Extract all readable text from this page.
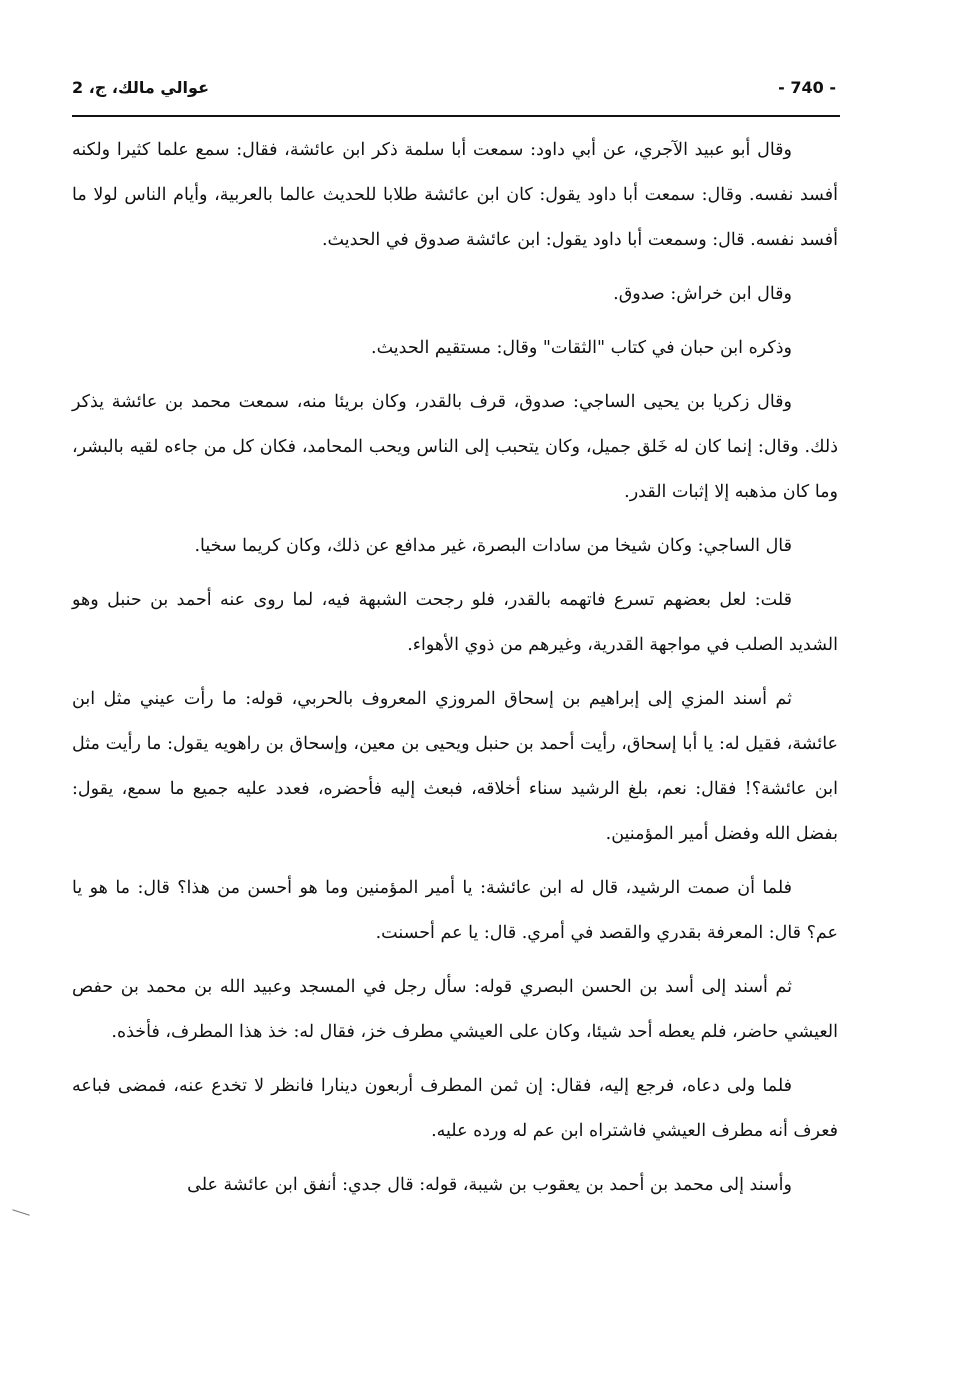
عوالي مالك، ج، 2	- 740 -

وقال أبو عبيد الآجري، عن أبي داود: سمعت أبا سلمة ذكر ابن عائشة، فقال: سمع علما كثيرا ولكنه أفسد نفسه. وقال: سمعت أبا داود يقول: كان ابن عائشة طلابا للحديث عالما بالعربية، وأيام الناس لولا ما أفسد نفسه. قال: وسمعت أبا داود يقول: ابن عائشة صدوق في الحديث.

وقال ابن خراش: صدوق.

وذكره ابن حبان في كتاب "الثقات" وقال: مستقيم الحديث.

وقال زكريا بن يحيى الساجي: صدوق، قرف بالقدر، وكان بريئا منه، سمعت محمد بن عائشة يذكر ذلك. وقال: إنما كان له خَلق جميل، وكان يتحبب إلى الناس ويحب المحامد، فكان كل من جاءه لقيه بالبشر، وما كان مذهبه إلا إثبات القدر.

قال الساجي: وكان شيخا من سادات البصرة، غير مدافع عن ذلك، وكان كريما سخيا.

قلت: لعل بعضهم تسرع فاتهمه بالقدر، فلو رجحت الشبهة فيه، لما روى عنه أحمد بن حنبل وهو الشديد الصلب في مواجهة القدرية، وغيرهم من ذوي الأهواء.

ثم أسند المزي إلى إبراهيم بن إسحاق المروزي المعروف بالحربي، قوله: ما رأت عيني مثل ابن عائشة، فقيل له: يا أبا إسحاق، رأيت أحمد بن حنبل ويحيى بن معين، وإسحاق بن راهويه يقول: ما رأيت مثل ابن عائشة؟! فقال: نعم، بلغ الرشيد سناء أخلاقه، فبعث إليه فأحضره، فعدد عليه جميع ما سمع، يقول: بفضل الله وفضل أمير المؤمنين.

فلما أن صمت الرشيد، قال له ابن عائشة: يا أمير المؤمنين وما هو أحسن من هذا؟ قال: ما هو يا عم؟ قال: المعرفة بقدري والقصد في أمري. قال: يا عم أحسنت.

ثم أسند إلى أسد بن الحسن البصري قوله: سأل رجل في المسجد وعبيد الله بن محمد بن حفص العيشي حاضر، فلم يعطه أحد شيئا، وكان على العيشي مطرف خز، فقال له: خذ هذا المطرف، فأخذه.

فلما ولى دعاه، فرجع إليه، فقال: إن ثمن المطرف أربعون دينارا فانظر لا تخدع عنه، فمضى فباعه فعرف أنه مطرف العيشي فاشتراه ابن عم له ورده عليه.

وأسند إلى محمد بن أحمد بن يعقوب بن شيبة، قوله: قال جدي: أنفق ابن عائشة على
